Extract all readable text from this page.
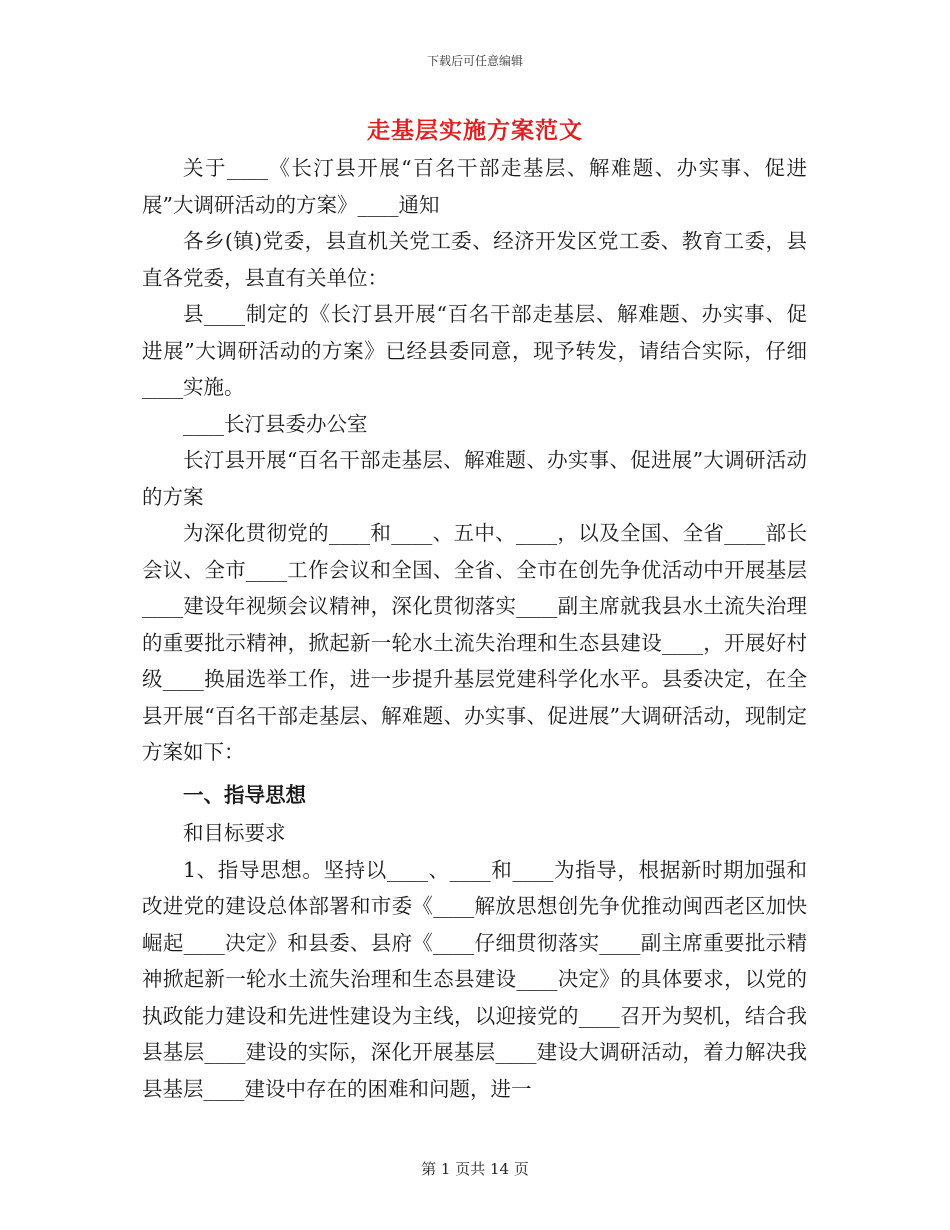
下载后可任意编辑
走基层实施方案范文

关于____《长汀县开展“百名干部走基层、解难题、办实事、促进展”大调研活动的方案》____通知

各乡(镇)党委，县直机关党工委、经济开发区党工委、教育工委，县直各党委，县直有关单位：

县____制定的《长汀县开展“百名干部走基层、解难题、办实事、促进展”大调研活动的方案》已经县委同意，现予转发，请结合实际，仔细____实施。

____长汀县委办公室

长汀县开展“百名干部走基层、解难题、办实事、促进展”大调研活动的方案

为深化贯彻党的____和____、五中、____，以及全国、全省____部长会议、全市____工作会议和全国、全省、全市在创先争优活动中开展基层____建设年视频会议精神，深化贯彻落实____副主席就我县水土流失治理的重要批示精神，掀起新一轮水土流失治理和生态县建设____，开展好村级____换届选举工作，进一步提升基层党建科学化水平。县委决定，在全县开展“百名干部走基层、解难题、办实事、促进展”大调研活动，现制定方案如下：

一、指导思想

和目标要求

1、指导思想。坚持以____、____和____为指导，根据新时期加强和改进党的建设总体部署和市委《____解放思想创先争优推动闽西老区加快崛起____决定》和县委、县府《____仔细贯彻落实____副主席重要批示精神掀起新一轮水土流失治理和生态县建设____决定》的具体要求，以党的执政能力建设和先进性建设为主线，以迎接党的____召开为契机，结合我县基层____建设的实际，深化开展基层____建设大调研活动，着力解决我县基层____建设中存在的困难和问题，进一

第 1 页共 14 页
